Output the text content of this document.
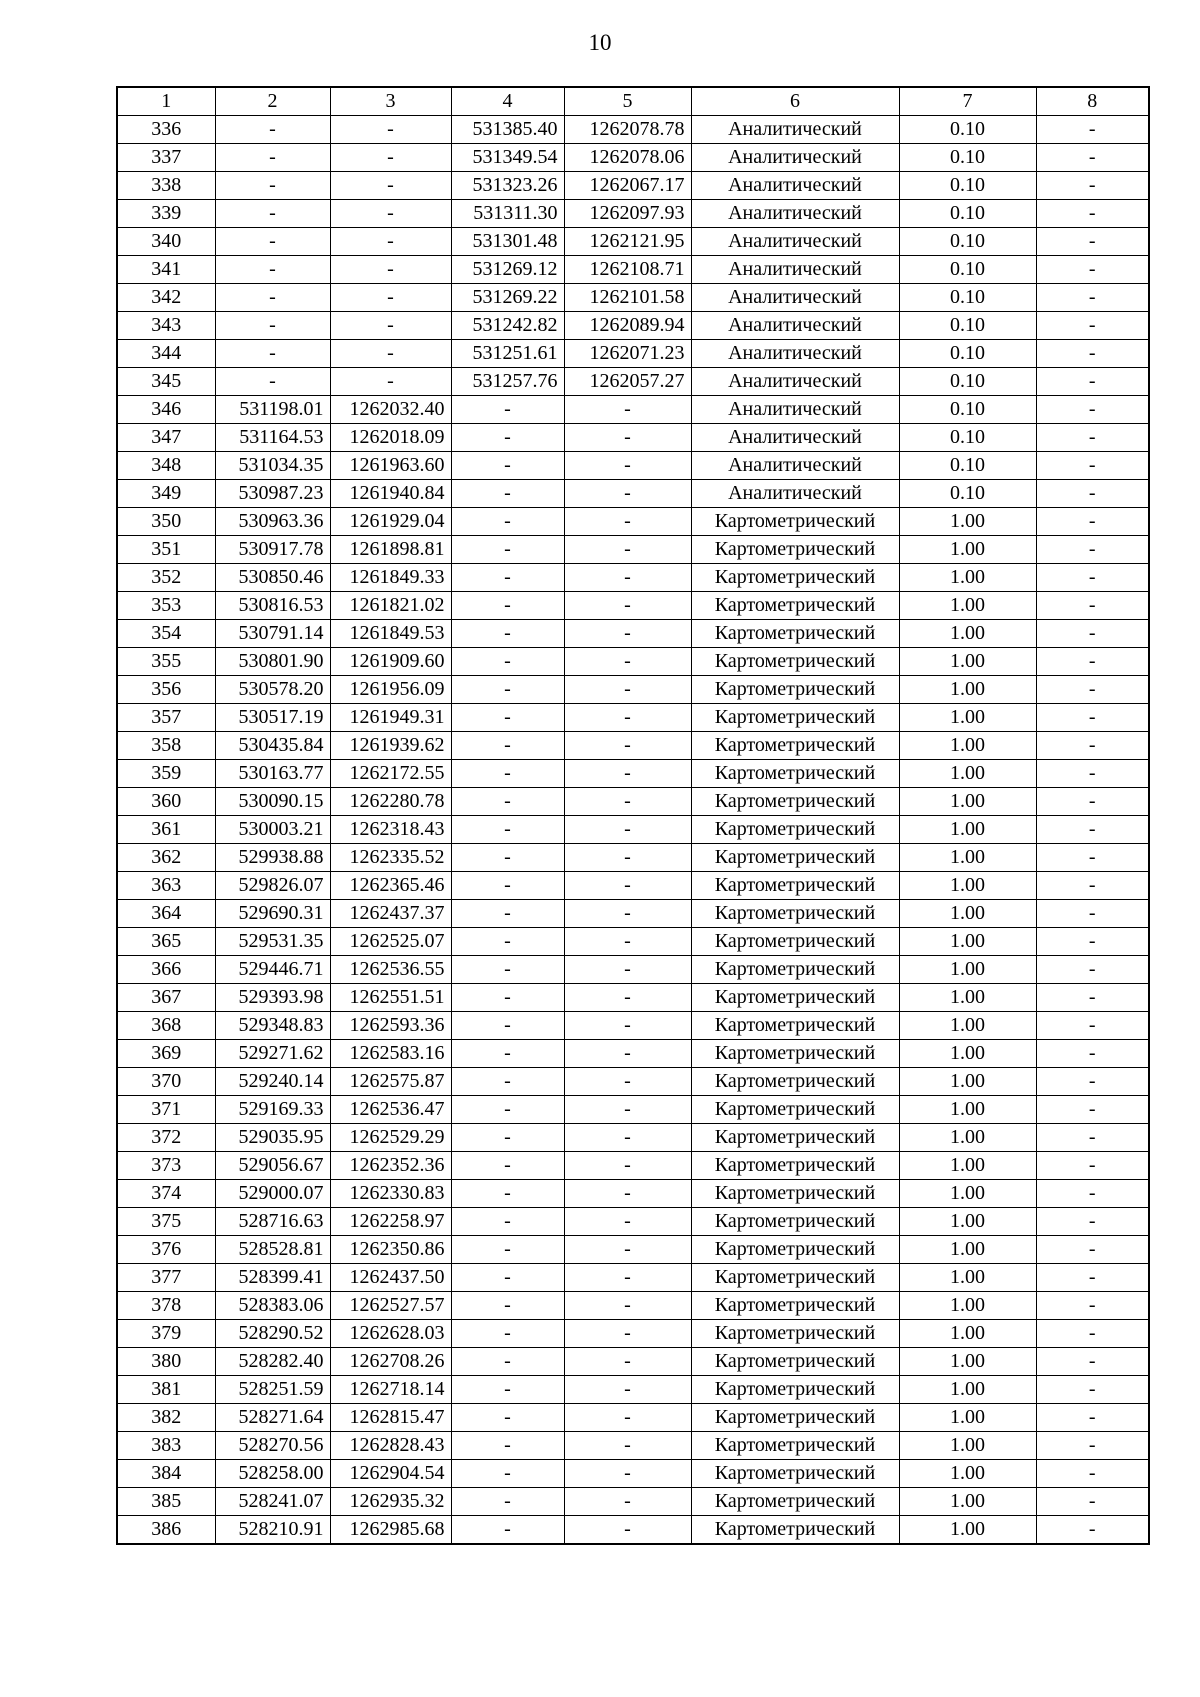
10
1	2	3	4	5	6	7	8
336	-	-	531385.40	1262078.78	Аналитический	0.10	-
337	-	-	531349.54	1262078.06	Аналитический	0.10	-
338	-	-	531323.26	1262067.17	Аналитический	0.10	-
339	-	-	531311.30	1262097.93	Аналитический	0.10	-
340	-	-	531301.48	1262121.95	Аналитический	0.10	-
341	-	-	531269.12	1262108.71	Аналитический	0.10	-
342	-	-	531269.22	1262101.58	Аналитический	0.10	-
343	-	-	531242.82	1262089.94	Аналитический	0.10	-
344	-	-	531251.61	1262071.23	Аналитический	0.10	-
345	-	-	531257.76	1262057.27	Аналитический	0.10	-
346	531198.01	1262032.40	-	-	Аналитический	0.10	-
347	531164.53	1262018.09	-	-	Аналитический	0.10	-
348	531034.35	1261963.60	-	-	Аналитический	0.10	-
349	530987.23	1261940.84	-	-	Аналитический	0.10	-
350	530963.36	1261929.04	-	-	Картометрический	1.00	-
351	530917.78	1261898.81	-	-	Картометрический	1.00	-
352	530850.46	1261849.33	-	-	Картометрический	1.00	-
353	530816.53	1261821.02	-	-	Картометрический	1.00	-
354	530791.14	1261849.53	-	-	Картометрический	1.00	-
355	530801.90	1261909.60	-	-	Картометрический	1.00	-
356	530578.20	1261956.09	-	-	Картометрический	1.00	-
357	530517.19	1261949.31	-	-	Картометрический	1.00	-
358	530435.84	1261939.62	-	-	Картометрический	1.00	-
359	530163.77	1262172.55	-	-	Картометрический	1.00	-
360	530090.15	1262280.78	-	-	Картометрический	1.00	-
361	530003.21	1262318.43	-	-	Картометрический	1.00	-
362	529938.88	1262335.52	-	-	Картометрический	1.00	-
363	529826.07	1262365.46	-	-	Картометрический	1.00	-
364	529690.31	1262437.37	-	-	Картометрический	1.00	-
365	529531.35	1262525.07	-	-	Картометрический	1.00	-
366	529446.71	1262536.55	-	-	Картометрический	1.00	-
367	529393.98	1262551.51	-	-	Картометрический	1.00	-
368	529348.83	1262593.36	-	-	Картометрический	1.00	-
369	529271.62	1262583.16	-	-	Картометрический	1.00	-
370	529240.14	1262575.87	-	-	Картометрический	1.00	-
371	529169.33	1262536.47	-	-	Картометрический	1.00	-
372	529035.95	1262529.29	-	-	Картометрический	1.00	-
373	529056.67	1262352.36	-	-	Картометрический	1.00	-
374	529000.07	1262330.83	-	-	Картометрический	1.00	-
375	528716.63	1262258.97	-	-	Картометрический	1.00	-
376	528528.81	1262350.86	-	-	Картометрический	1.00	-
377	528399.41	1262437.50	-	-	Картометрический	1.00	-
378	528383.06	1262527.57	-	-	Картометрический	1.00	-
379	528290.52	1262628.03	-	-	Картометрический	1.00	-
380	528282.40	1262708.26	-	-	Картометрический	1.00	-
381	528251.59	1262718.14	-	-	Картометрический	1.00	-
382	528271.64	1262815.47	-	-	Картометрический	1.00	-
383	528270.56	1262828.43	-	-	Картометрический	1.00	-
384	528258.00	1262904.54	-	-	Картометрический	1.00	-
385	528241.07	1262935.32	-	-	Картометрический	1.00	-
386	528210.91	1262985.68	-	-	Картометрический	1.00	-
